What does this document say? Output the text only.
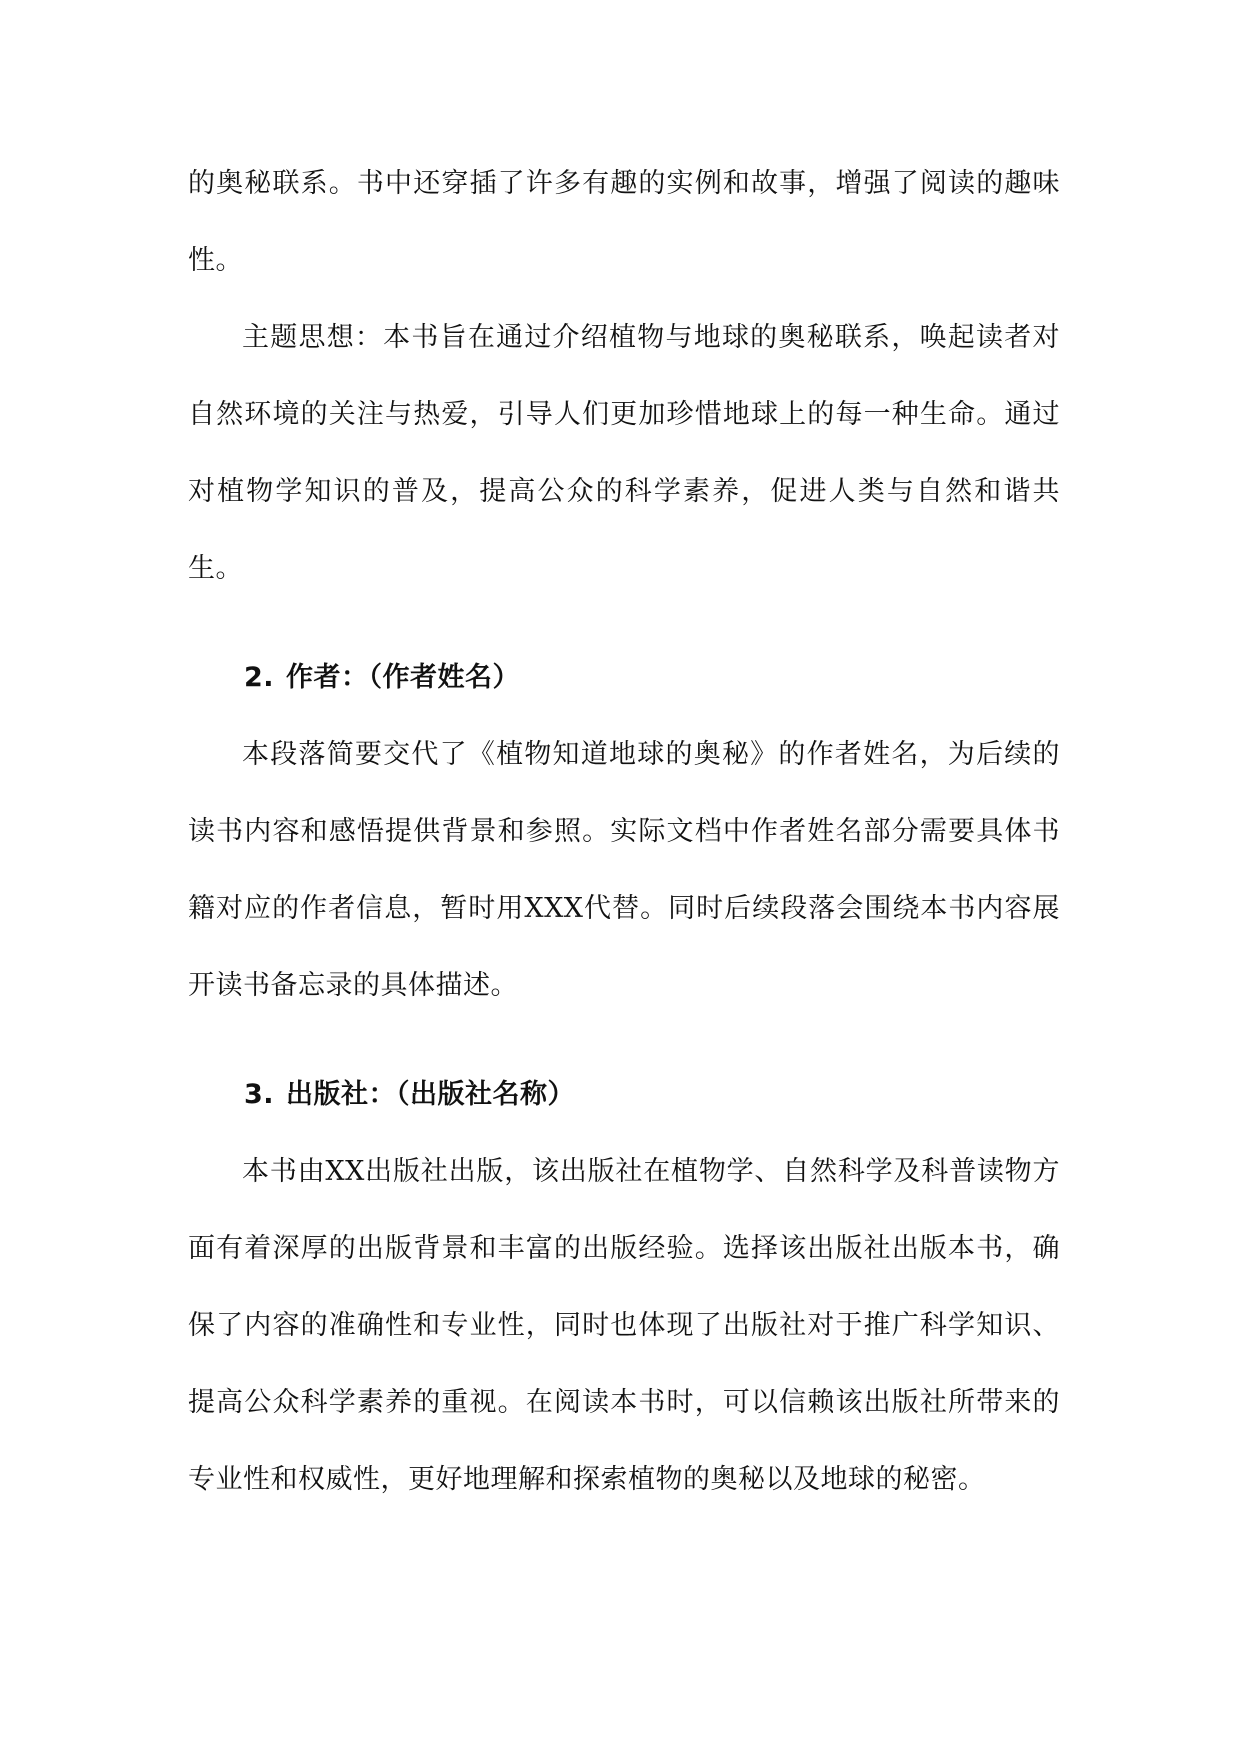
的奥秘联系。书中还穿插了许多有趣的实例和故事，增强了阅读的趣味性。

主题思想：本书旨在通过介绍植物与地球的奥秘联系，唤起读者对自然环境的关注与热爱，引导人们更加珍惜地球上的每一种生命。通过对植物学知识的普及，提高公众的科学素养，促进人类与自然和谐共生。

2. 作者：（作者姓名）

本段落简要交代了《植物知道地球的奥秘》的作者姓名，为后续的读书内容和感悟提供背景和参照。实际文档中作者姓名部分需要具体书籍对应的作者信息，暂时用XXX代替。同时后续段落会围绕本书内容展开读书备忘录的具体描述。

3. 出版社：（出版社名称）

本书由XX出版社出版，该出版社在植物学、自然科学及科普读物方面有着深厚的出版背景和丰富的出版经验。选择该出版社出版本书，确保了内容的准确性和专业性，同时也体现了出版社对于推广科学知识、提高公众科学素养的重视。在阅读本书时，可以信赖该出版社所带来的专业性和权威性，更好地理解和探索植物的奥秘以及地球的秘密。
